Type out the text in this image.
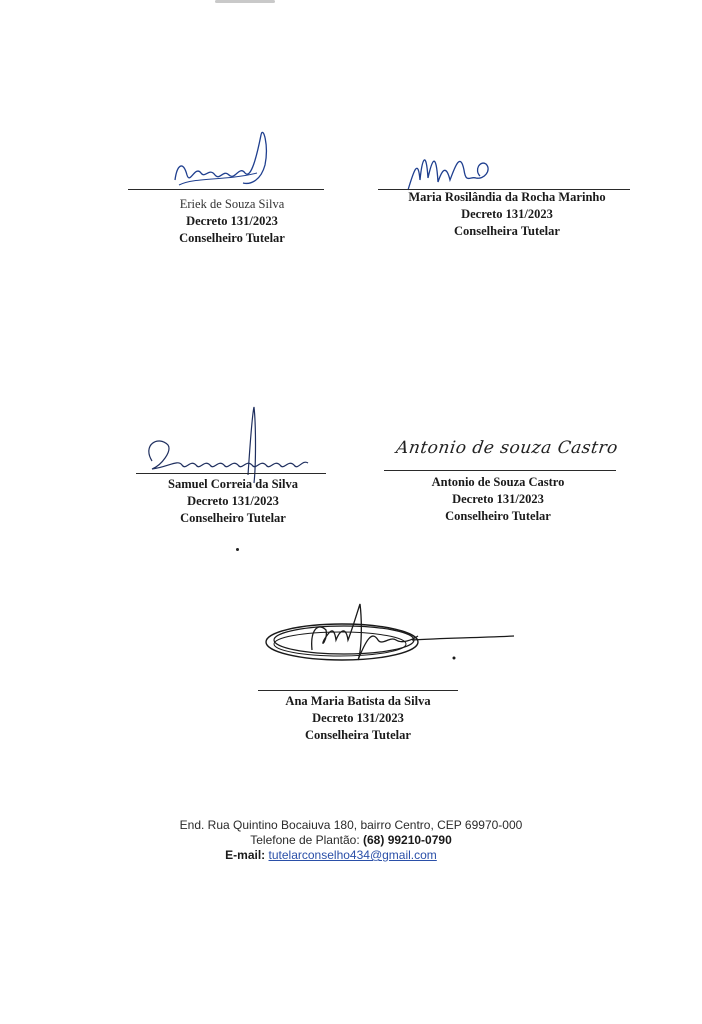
Eriek de Souza Silva
Decreto 131/2023
Conselheiro Tutelar
Maria Rosilândia da Rocha Marinho
Decreto 131/2023
Conselheira Tutelar
Samuel Correia da Silva
Decreto 131/2023
Conselheiro Tutelar
Antonio de souza Castro
Antonio de Souza Castro
Decreto 131/2023
Conselheiro Tutelar
Ana Maria Batista da Silva
Decreto 131/2023
Conselheira Tutelar
End. Rua Quintino Bocaiuva 180, bairro Centro, CEP 69970-000
Telefone de Plantão: (68) 99210-0790
E-mail: tutelarconselho434@gmail.com
